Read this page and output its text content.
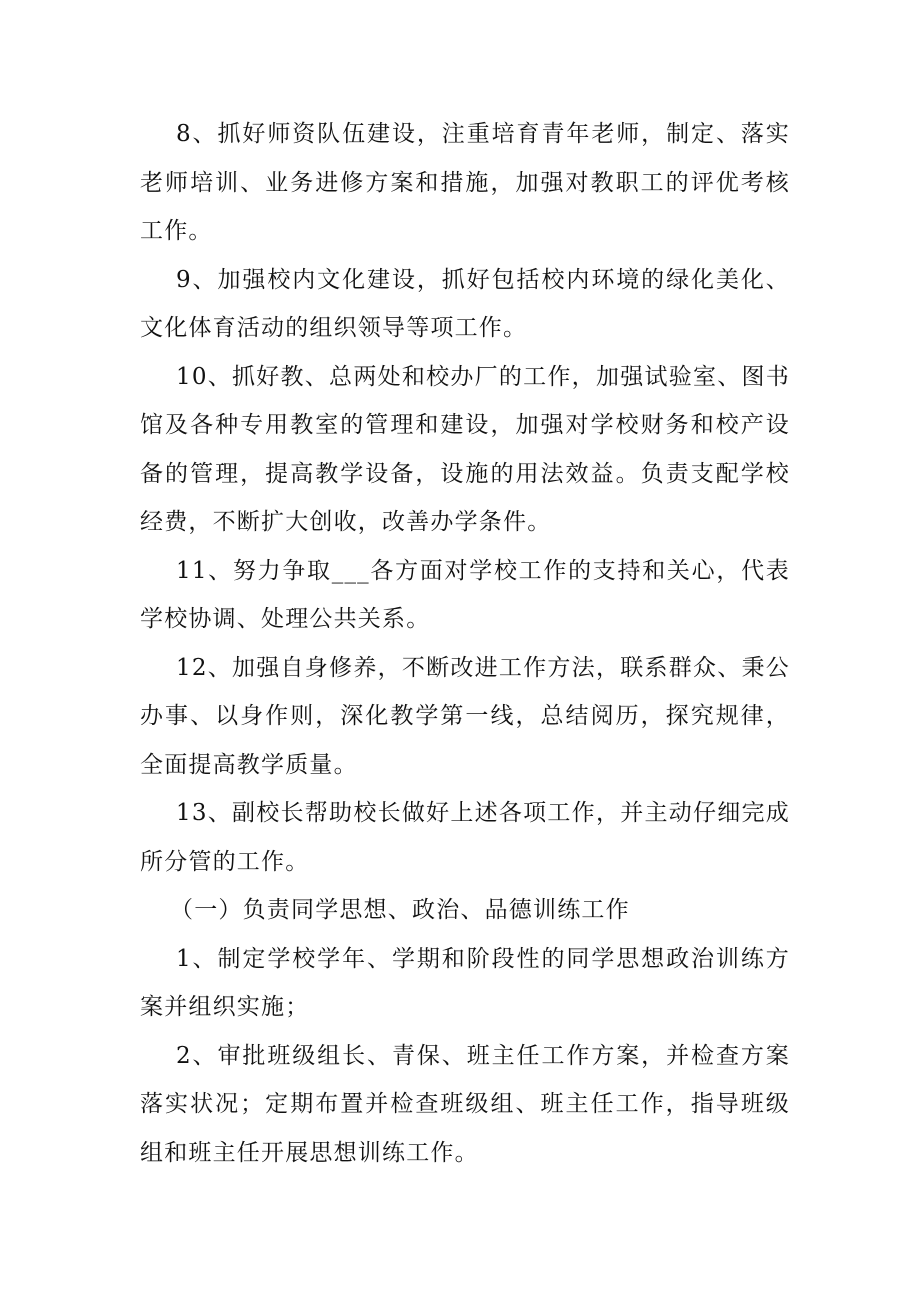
8、抓好师资队伍建设，注重培育青年老师，制定、落实老师培训、业务进修方案和措施，加强对教职工的评优考核工作。

9、加强校内文化建设，抓好包括校内环境的绿化美化、文化体育活动的组织领导等项工作。

10、抓好教、总两处和校办厂的工作，加强试验室、图书馆及各种专用教室的管理和建设，加强对学校财务和校产设备的管理，提高教学设备，设施的用法效益。负责支配学校经费，不断扩大创收，改善办学条件。

11、努力争取___各方面对学校工作的支持和关心，代表学校协调、处理公共关系。

12、加强自身修养，不断改进工作方法，联系群众、秉公办事、以身作则，深化教学第一线，总结阅历，探究规律，全面提高教学质量。

13、副校长帮助校长做好上述各项工作，并主动仔细完成所分管的工作。

（一）负责同学思想、政治、品德训练工作

1、制定学校学年、学期和阶段性的同学思想政治训练方案并组织实施；

2、审批班级组长、青保、班主任工作方案，并检查方案落实状况；定期布置并检查班级组、班主任工作，指导班级组和班主任开展思想训练工作。
